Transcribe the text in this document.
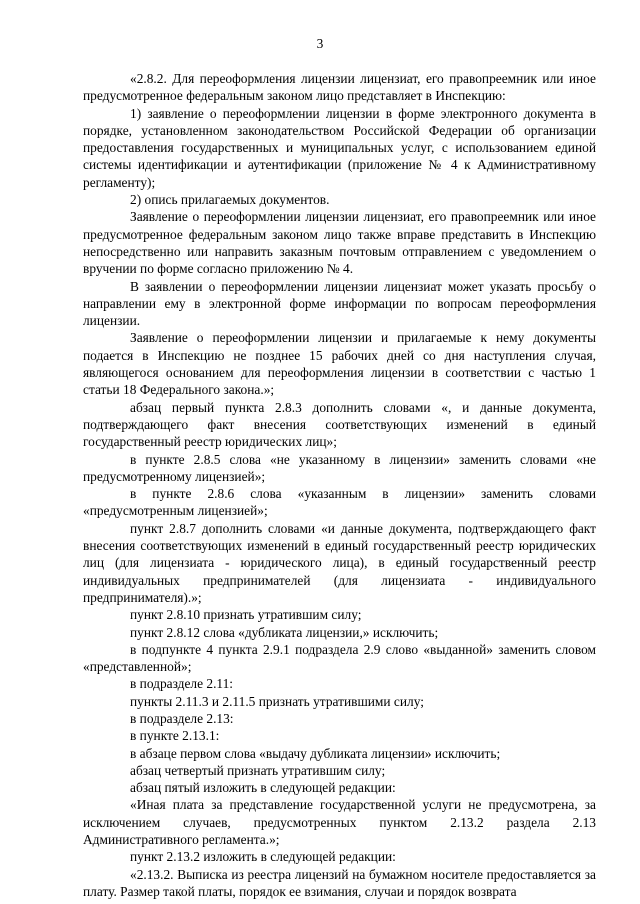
3

«2.8.2. Для переоформления лицензии лицензиат, его правопреемник или иное предусмотренное федеральным законом лицо представляет в Инспекцию:

1) заявление о переоформлении лицензии в форме электронного документа в порядке, установленном законодательством Российской Федерации об организации предоставления государственных и муниципальных услуг, с использованием единой системы идентификации и аутентификации (приложение № 4 к Административному регламенту);

2) опись прилагаемых документов.

Заявление о переоформлении лицензии лицензиат, его правопреемник или иное предусмотренное федеральным законом лицо также вправе представить в Инспекцию непосредственно или направить заказным почтовым отправлением с уведомлением о вручении по форме согласно приложению № 4.

В заявлении о переоформлении лицензии лицензиат может указать просьбу о направлении ему в электронной форме информации по вопросам переоформления лицензии.

Заявление о переоформлении лицензии и прилагаемые к нему документы подается в Инспекцию не позднее 15 рабочих дней со дня наступления случая, являющегося основанием для переоформления лицензии в соответствии с частью 1 статьи 18 Федерального закона.»;

абзац первый пункта 2.8.3 дополнить словами «, и данные документа, подтверждающего факт внесения соответствующих изменений в единый государственный реестр юридических лиц»;

в пункте 2.8.5 слова «не указанному в лицензии» заменить словами «не предусмотренному лицензией»;

в пункте 2.8.6 слова «указанным в лицензии» заменить словами «предусмотренным лицензией»;

пункт 2.8.7 дополнить словами «и данные документа, подтверждающего факт внесения соответствующих изменений в единый государственный реестр юридических лиц (для лицензиата - юридического лица), в единый государственный реестр индивидуальных предпринимателей (для лицензиата - индивидуального предпринимателя).»;

пункт 2.8.10 признать утратившим силу;

пункт 2.8.12 слова «дубликата лицензии,» исключить;

в подпункте 4 пункта 2.9.1 подраздела 2.9 слово «выданной» заменить словом «представленной»;

в подразделе 2.11:

пункты 2.11.3 и 2.11.5 признать утратившими силу;

в подразделе 2.13:

в пункте 2.13.1:

в абзаце первом слова «выдачу дубликата лицензии» исключить;

абзац четвертый признать утратившим силу;

абзац пятый изложить в следующей редакции:

«Иная плата за представление государственной услуги не предусмотрена, за исключением случаев, предусмотренных пунктом 2.13.2 раздела 2.13 Административного регламента.»;

пункт 2.13.2 изложить в следующей редакции:

«2.13.2. Выписка из реестра лицензий на бумажном носителе предоставляется за плату. Размер такой платы, порядок ее взимания, случаи и порядок возврата
